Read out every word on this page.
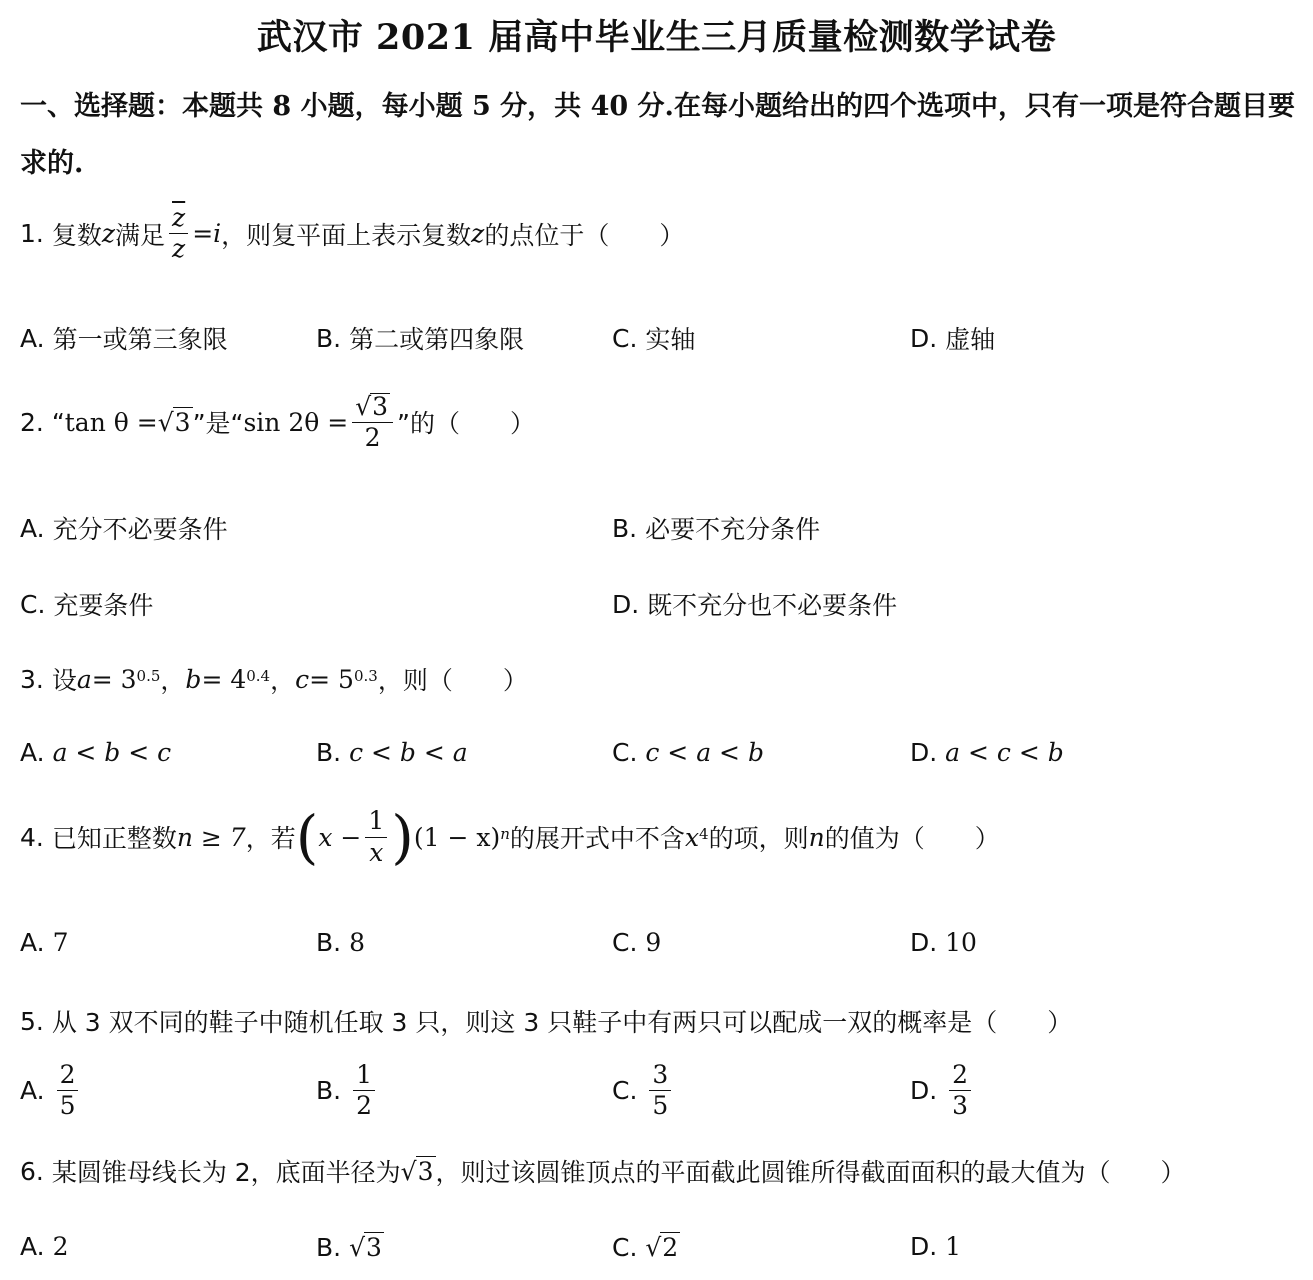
武汉市 2021 届高中毕业生三月质量检测数学试卷
一、选择题：本题共 8 小题，每小题 5 分，共 40 分.在每小题给出的四个选项中，只有一项是符合题目要求的.
1.
复数 z 满足 $\frac{\overline{z}}{z} = i$ ，则复平面上表示复数 z 的点位于（　　）
A.
第一或第三象限	B.
第二或第四象限	C.
实轴	D.
虚轴
2.
“ tan θ = √ 3 ”是“ $\sin 2\theta = \frac{√ 3}{2}$ ”的（　　）
A.
充分不必要条件	B.
必要不充分条件
C.
充要条件	D.
既不充分也不必要条件
3.
设 a = 3 0.5 ， b = 4 0.4 ， c = 5 0.3 ，则（　　）
A.
a < b < c	B.
c < b < a	C.
c < a < b	D.
a < c < b
4.
已知正整数 n ≥ 7 ，若 ( $x - \frac{1}{x}$ ) (1 − x) n 的展开式中不含 x 4 的项，则 n 的值为（　　）
A.
7	B.
8	C.
9	D.
10
5.
从 3 双不同的鞋子中随机任取 3 只，则这 3 只鞋子中有两只可以配成一双的概率是（　　）
A.
$\frac{2}{5}$	B.
$\frac{1}{2}$	C.
$\frac{3}{5}$	D.
$\frac{2}{3}$
6.
某圆锥母线长为 2，底面半径为 √ 3 ，则过该圆锥顶点的平面截此圆锥所得截面面积的最大值为（　　）
A.
2	B.
√ 3	C.
√ 2	D.
1
